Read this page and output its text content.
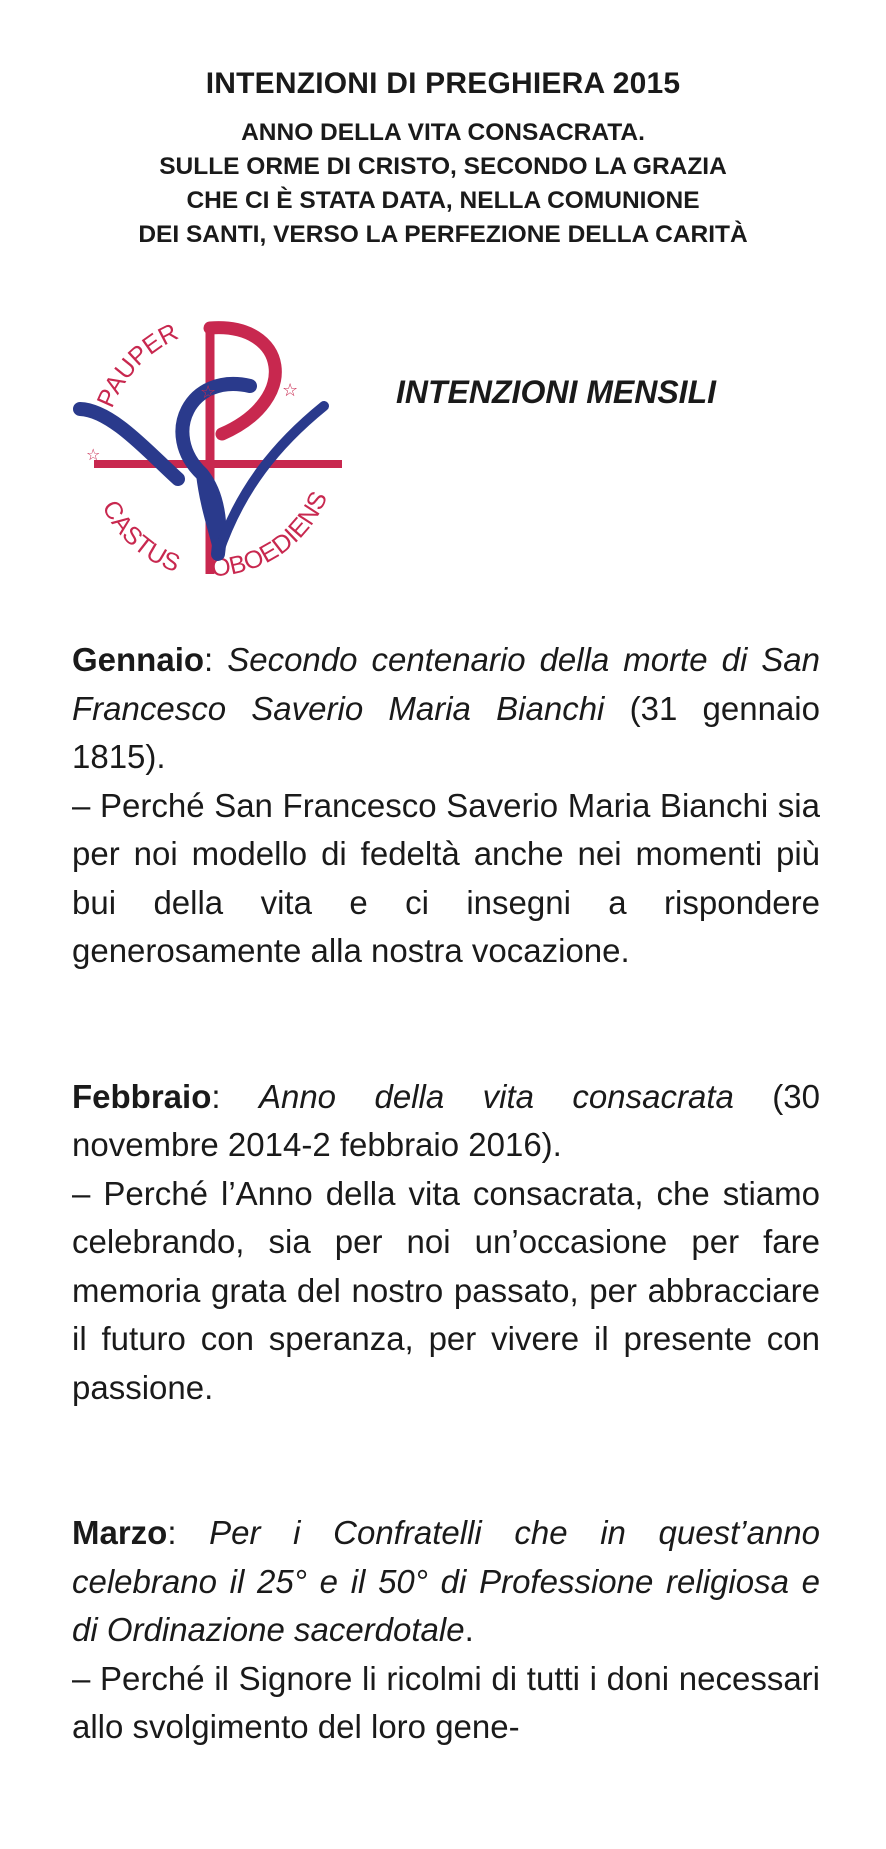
INTENZIONI DI PREGHIERA 2015
ANNO DELLA VITA CONSACRATA.
SULLE ORME DI CRISTO, SECONDO LA GRAZIA
CHE CI È STATA DATA, NELLA COMUNIONE
DEI SANTI, VERSO LA PERFEZIONE DELLA CARITÀ
PAUPER
CASTUS OBOEDIENS
☆	☆
☆
INTENZIONI MENSILI

Gennaio: Secondo centenario della morte di San Francesco Saverio Maria Bianchi (31 gennaio 1815).

– Perché San Francesco Saverio Maria Bianchi sia per noi modello di fedeltà anche nei momenti più bui della vita e ci insegni a rispondere generosamente alla nostra vocazione.

Febbraio: Anno della vita consacrata (30 novembre 2014-2 febbraio 2016).

– Perché l’Anno della vita consacrata, che stiamo celebrando, sia per noi un’occasione per fare memoria grata del nostro passato, per abbracciare il futuro con speranza, per vivere il presente con passione.

Marzo: Per i Confratelli che in quest’anno celebrano il 25° e il 50° di Professione religiosa e di Ordinazione sacerdotale.

– Perché il Signore li ricolmi di tutti i doni necessari allo svolgimento del loro gene-
